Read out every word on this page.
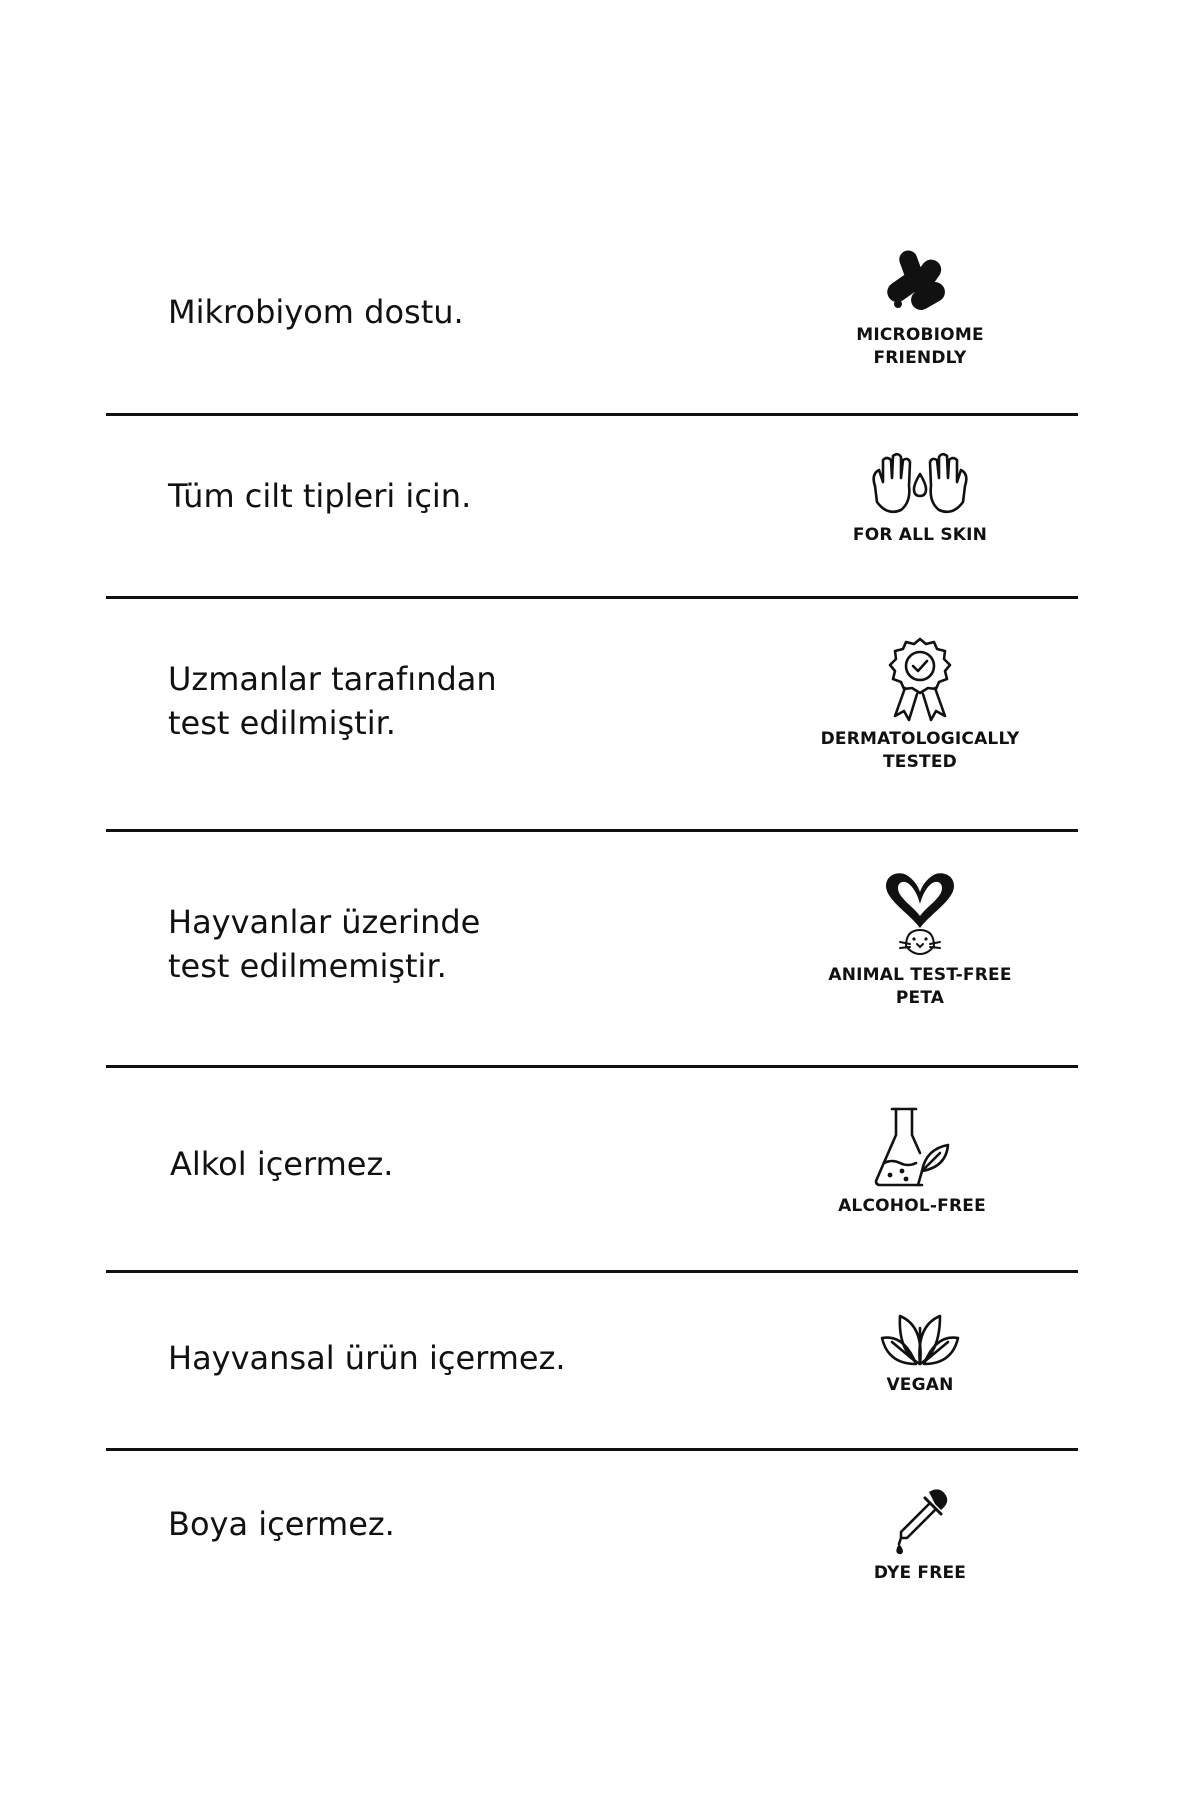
Mikrobiyom dostu.

MICROBIOME
FRIENDLY

Tüm cilt tipleri için.

FOR ALL SKIN

Uzmanlar tarafından
test edilmiştir.	DERMATOLOGICALLY
TESTED

Hayvanlar üzerinde
test edilmemiştir.	ANIMAL TEST-FREE
PETA

Alkol içermez.

ALCOHOL-FREE

Hayvansal ürün içermez.

VEGAN

Boya içermez.

DYE FREE
